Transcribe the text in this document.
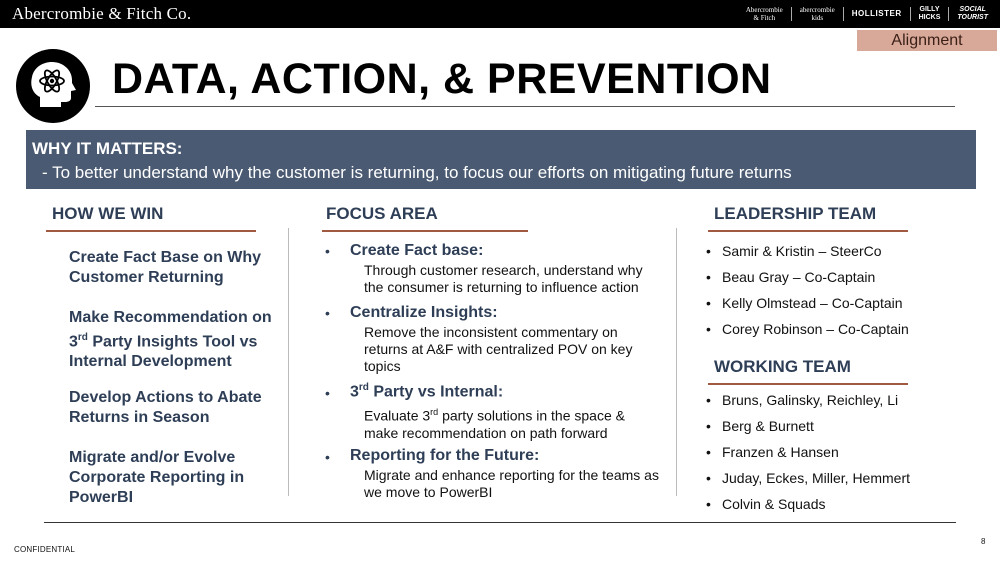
Abercrombie & Fitch Co.	Abercrombie
& Fitch
abercrombie
kids	HOLLISTER	GILLY
HICKS
SOCIAL
TOURIST
Alignment
DATA, ACTION, & PREVENTION
WHY IT MATTERS:
- To better understand why the customer is returning, to focus our efforts on mitigating future returns
HOW WE WIN
Create Fact Base on Why
Customer Returning
Make Recommendation on
3rd Party Insights Tool vs
Internal Development
Develop Actions to Abate
Returns in Season
Migrate and/or Evolve
Corporate Reporting in
PowerBI
FOCUS AREA
• Create Fact base:
Through customer research, understand why
the consumer is returning to influence action
• Centralize Insights:
Remove the inconsistent commentary on
returns at A&F with centralized POV on key
topics
• 3rd Party vs Internal:
Evaluate 3rd party solutions in the space &
make recommendation on path forward
• Reporting for the Future:
Migrate and enhance reporting for the teams as
we move to PowerBI
LEADERSHIP TEAM
• Samir & Kristin – SteerCo
• Beau Gray – Co-Captain
• Kelly Olmstead – Co-Captain
• Corey Robinson – Co-Captain
WORKING TEAM
• Bruns, Galinsky, Reichley, Li
• Berg & Burnett
• Franzen & Hansen
• Juday, Eckes, Miller, Hemmert
• Colvin & Squads
CONFIDENTIAL
8
